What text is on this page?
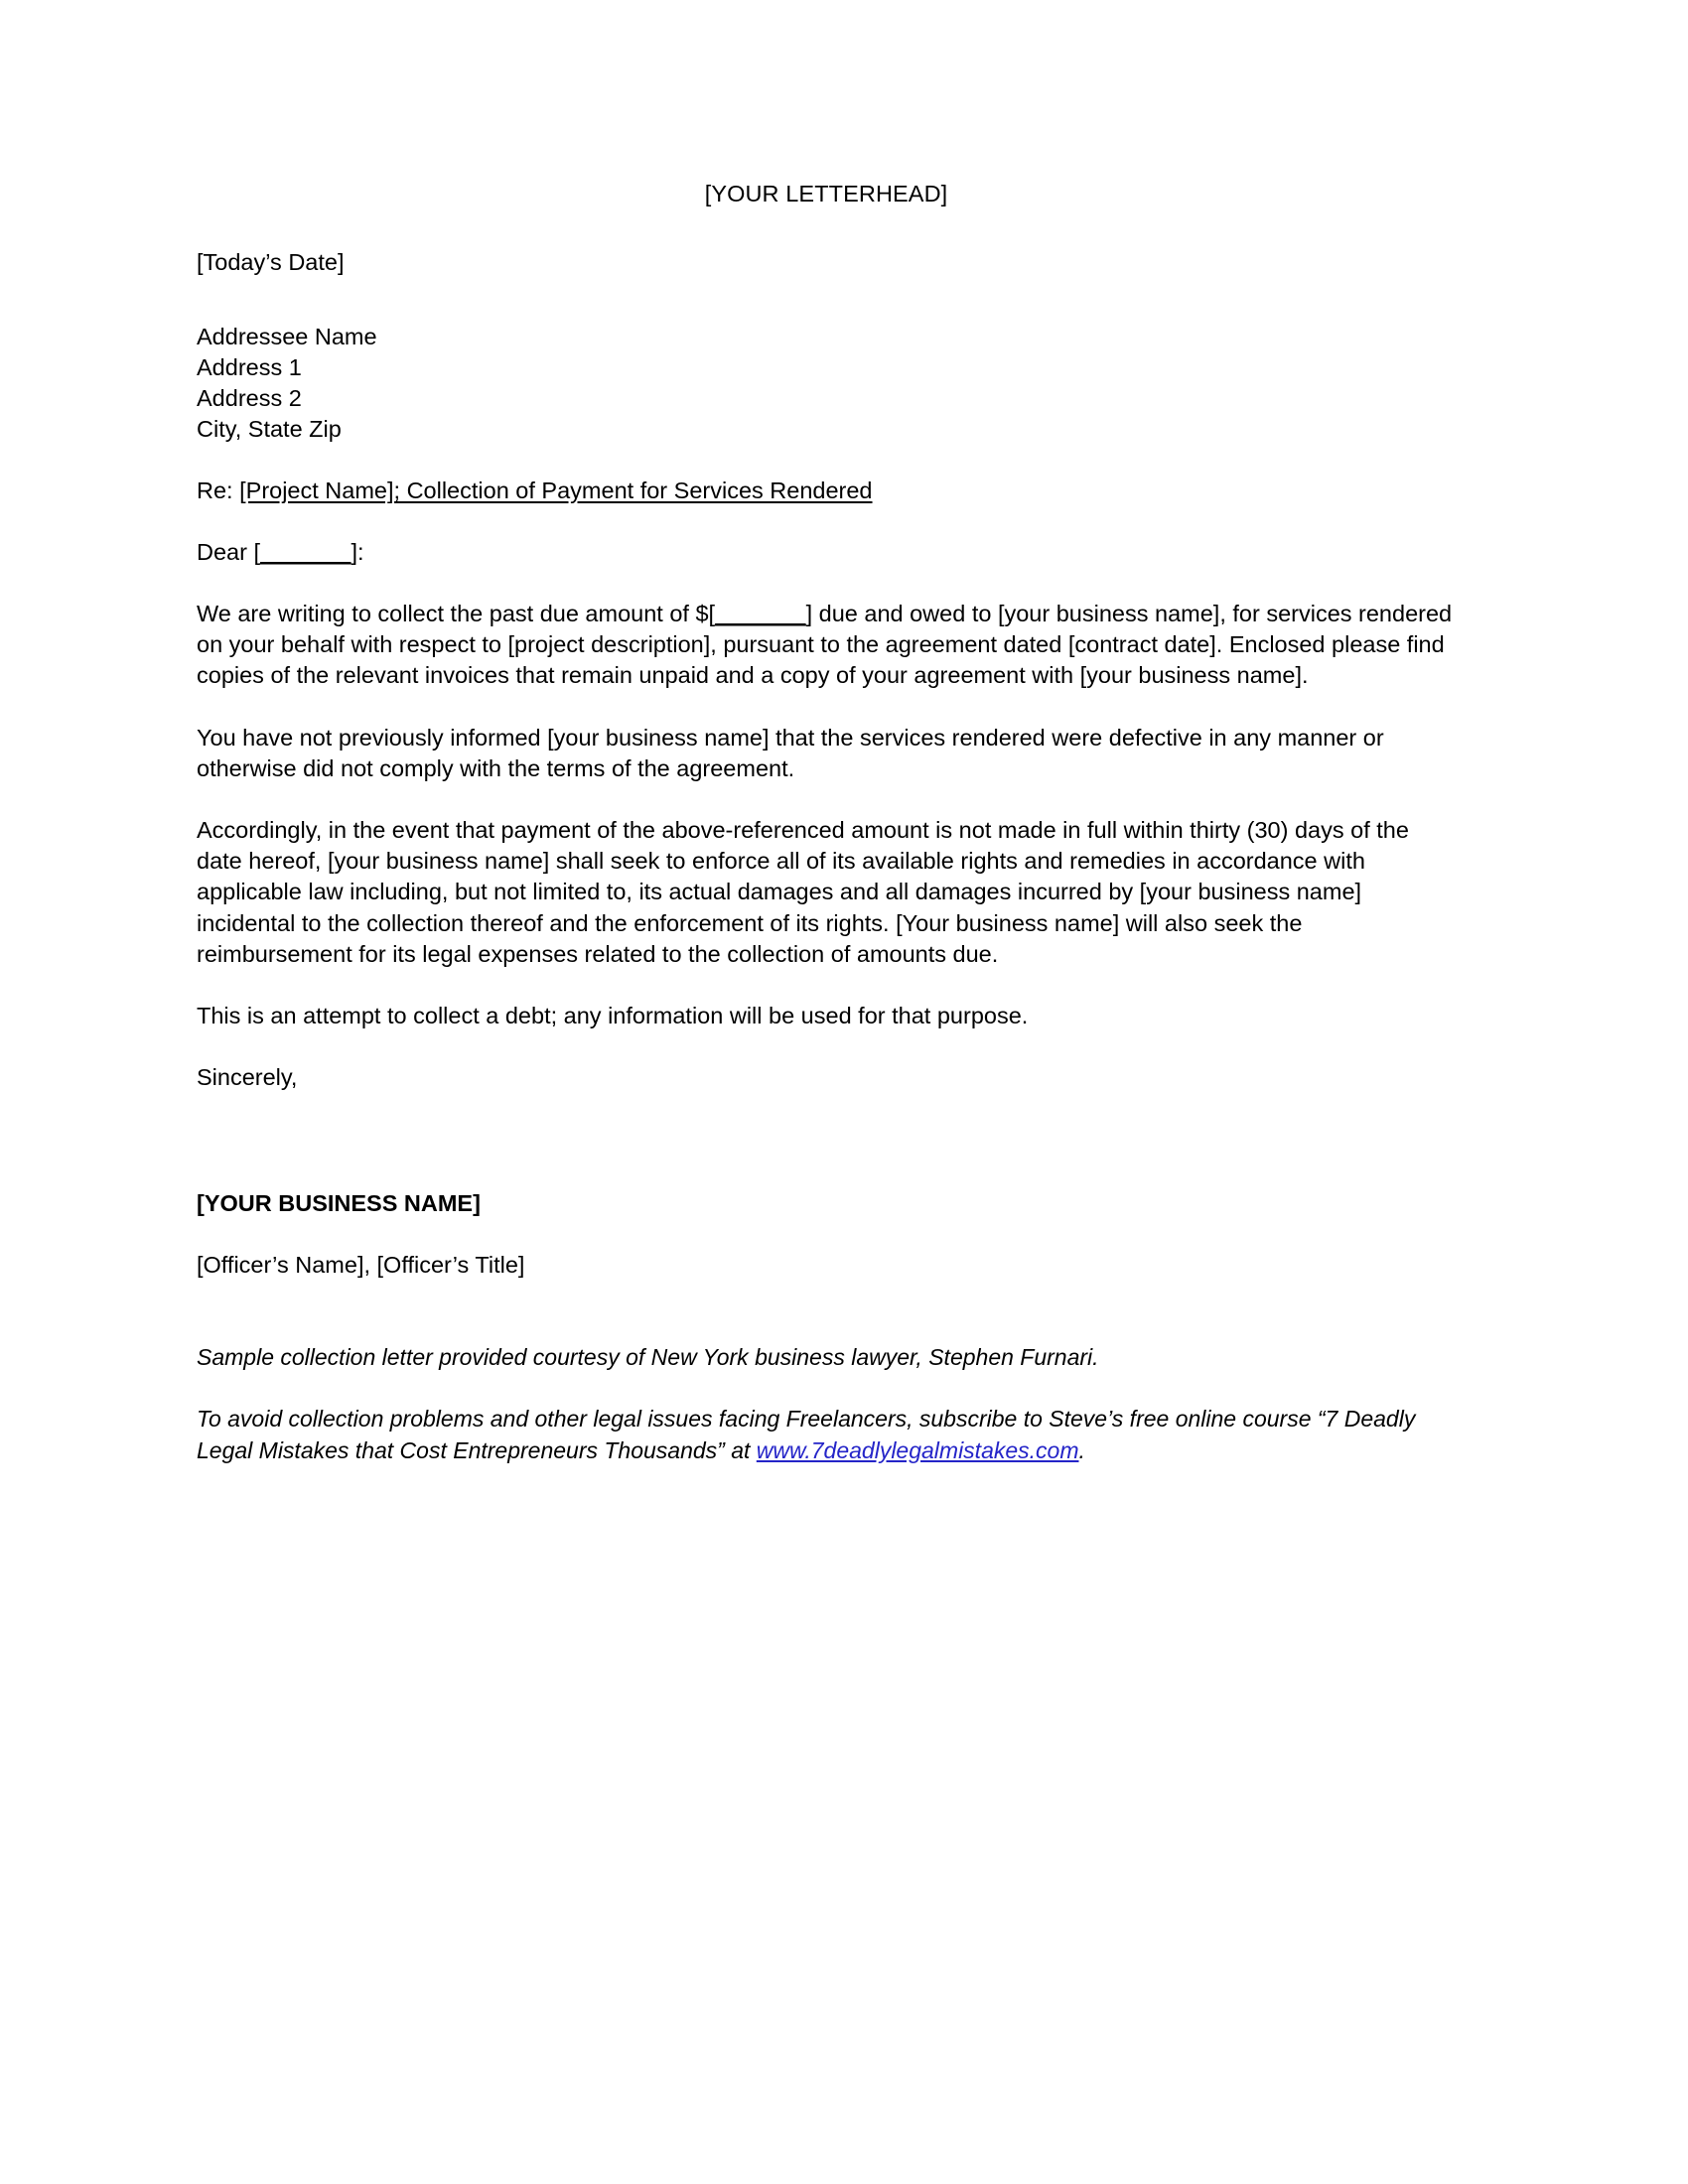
[YOUR LETTERHEAD]
[Today’s Date]
Addressee Name
Address 1
Address 2
City, State Zip
Re: [Project Name]; Collection of Payment for Services Rendered
Dear [_______]:

We are writing to collect the past due amount of $[_______] due and owed to [your business name], for services rendered on your behalf with respect to [project description], pursuant to the agreement dated [contract date]. Enclosed please find copies of the relevant invoices that remain unpaid and a copy of your agreement with [your business name].

You have not previously informed [your business name] that the services rendered were defective in any manner or otherwise did not comply with the terms of the agreement.

Accordingly, in the event that payment of the above-referenced amount is not made in full within thirty (30) days of the date hereof, [your business name] shall seek to enforce all of its available rights and remedies in accordance with applicable law including, but not limited to, its actual damages and all damages incurred by [your business name] incidental to the collection thereof and the enforcement of its rights. [Your business name] will also seek the reimbursement for its legal expenses related to the collection of amounts due.

This is an attempt to collect a debt; any information will be used for that purpose.

Sincerely,
[YOUR BUSINESS NAME]
[Officer’s Name], [Officer’s Title]

Sample collection letter provided courtesy of New York business lawyer, Stephen Furnari.

To avoid collection problems and other legal issues facing Freelancers, subscribe to Steve’s free online course “7 Deadly Legal Mistakes that Cost Entrepreneurs Thousands” at www.7deadlylegalmistakes.com.
